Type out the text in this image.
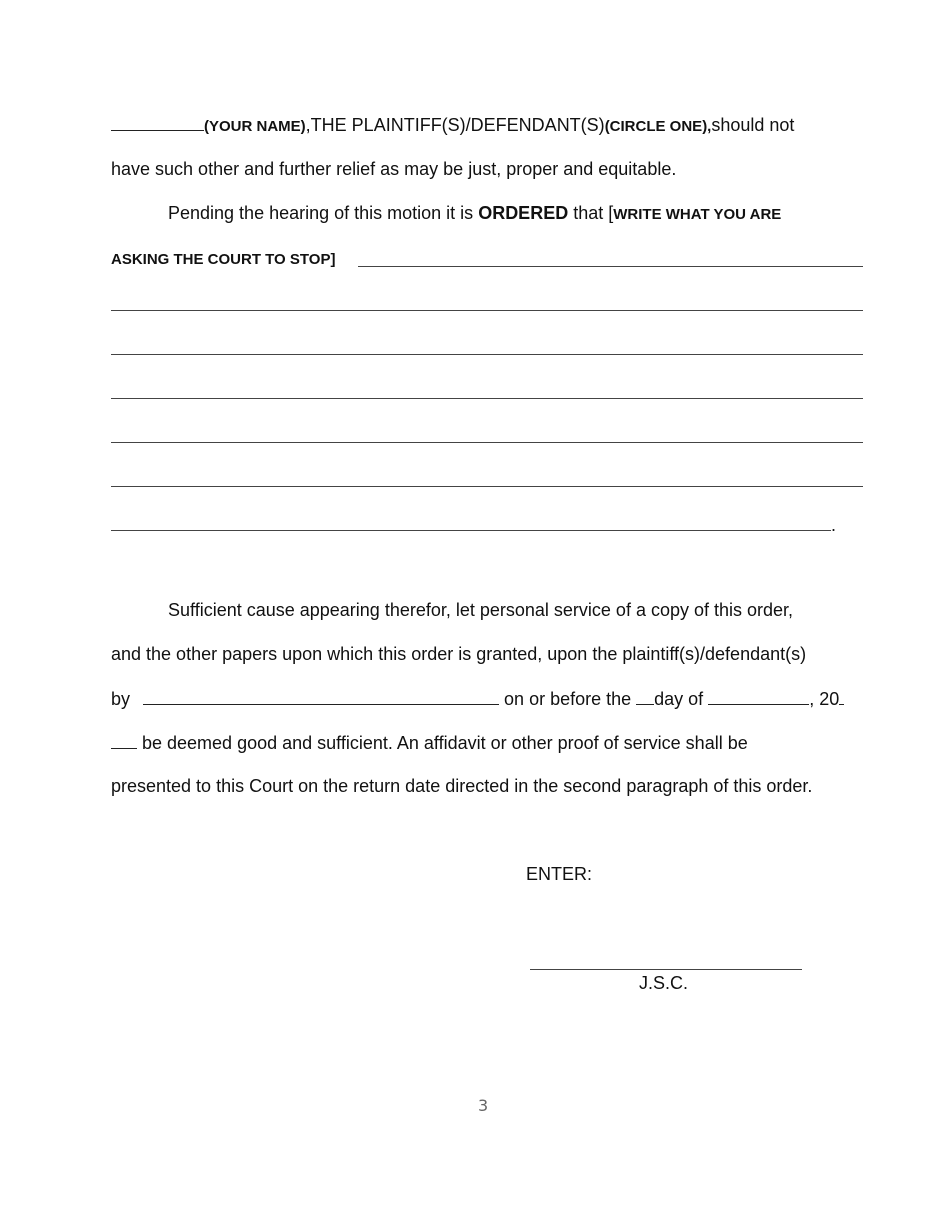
(YOUR NAME),THE PLAINTIFF(S)/DEFENDANT(S)(CIRCLE ONE),should not
have such other and further relief as may be just, proper and equitable.
Pending the hearing of this motion it is ORDERED that [WRITE WHAT YOU ARE
ASKING THE COURT TO STOP]
.
Sufficient cause appearing therefor, let personal service of a copy of this order,
and the other papers upon which this order is granted, upon the plaintiff(s)/defendant(s)
by	on or before the day of	, 20
be deemed good and sufficient. An affidavit or other proof of service shall be
presented to this Court on the return date directed in the second paragraph of this order.
ENTER:
J.S.C.
3
